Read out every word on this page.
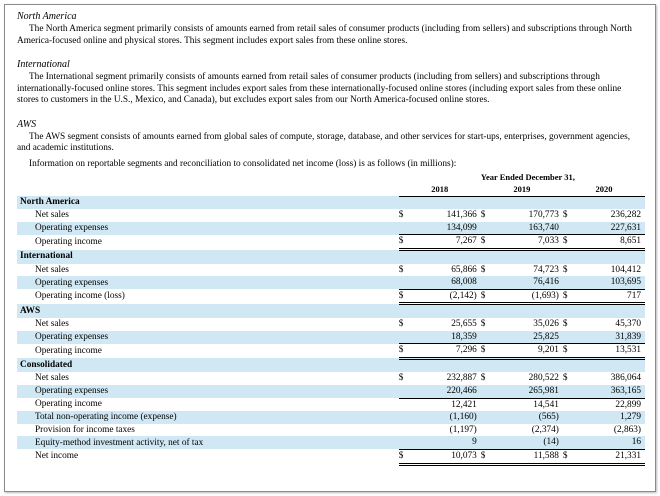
North America

The North America segment primarily consists of amounts earned from retail sales of consumer products (including from sellers) and subscriptions through North America-focused online and physical stores. This segment includes export sales from these online stores.

International

The International segment primarily consists of amounts earned from retail sales of consumer products (including from sellers) and subscriptions through internationally-focused online stores. This segment includes export sales from these internationally-focused online stores (including export sales from these online stores to customers in the U.S., Mexico, and Canada), but excludes export sales from our North America-focused online stores.

AWS

The AWS segment consists of amounts earned from global sales of compute, storage, database, and other services for start-ups, enterprises, government agencies, and academic institutions.

Information on reportable segments and reconciliation to consolidated net income (loss) is as follows (in millions):

			Year Ended December 31,			
	2018		2019		2020	
North America						
Net sales	$	141,366	$	170,773	$	236,282
Operating expenses		134,099		163,740		227,631
Operating income	$	7,267	$	7,033	$	8,651
International						
Net sales	$	65,866	$	74,723	$	104,412
Operating expenses		68,008		76,416		103,695
Operating income (loss)	$	(2,142)	$	(1,693)	$	717
AWS						
Net sales	$	25,655	$	35,026	$	45,370
Operating expenses		18,359		25,825		31,839
Operating income	$	7,296	$	9,201	$	13,531
Consolidated						
Net sales	$	232,887	$	280,522	$	386,064
Operating expenses		220,466		265,981		363,165
Operating income		12,421		14,541		22,899
Total non-operating income (expense)		(1,160)		(565)		1,279
Provision for income taxes		(1,197)		(2,374)		(2,863)
Equity-method investment activity, net of tax		9		(14)		16
Net income	$	10,073	$	11,588	$	21,331
